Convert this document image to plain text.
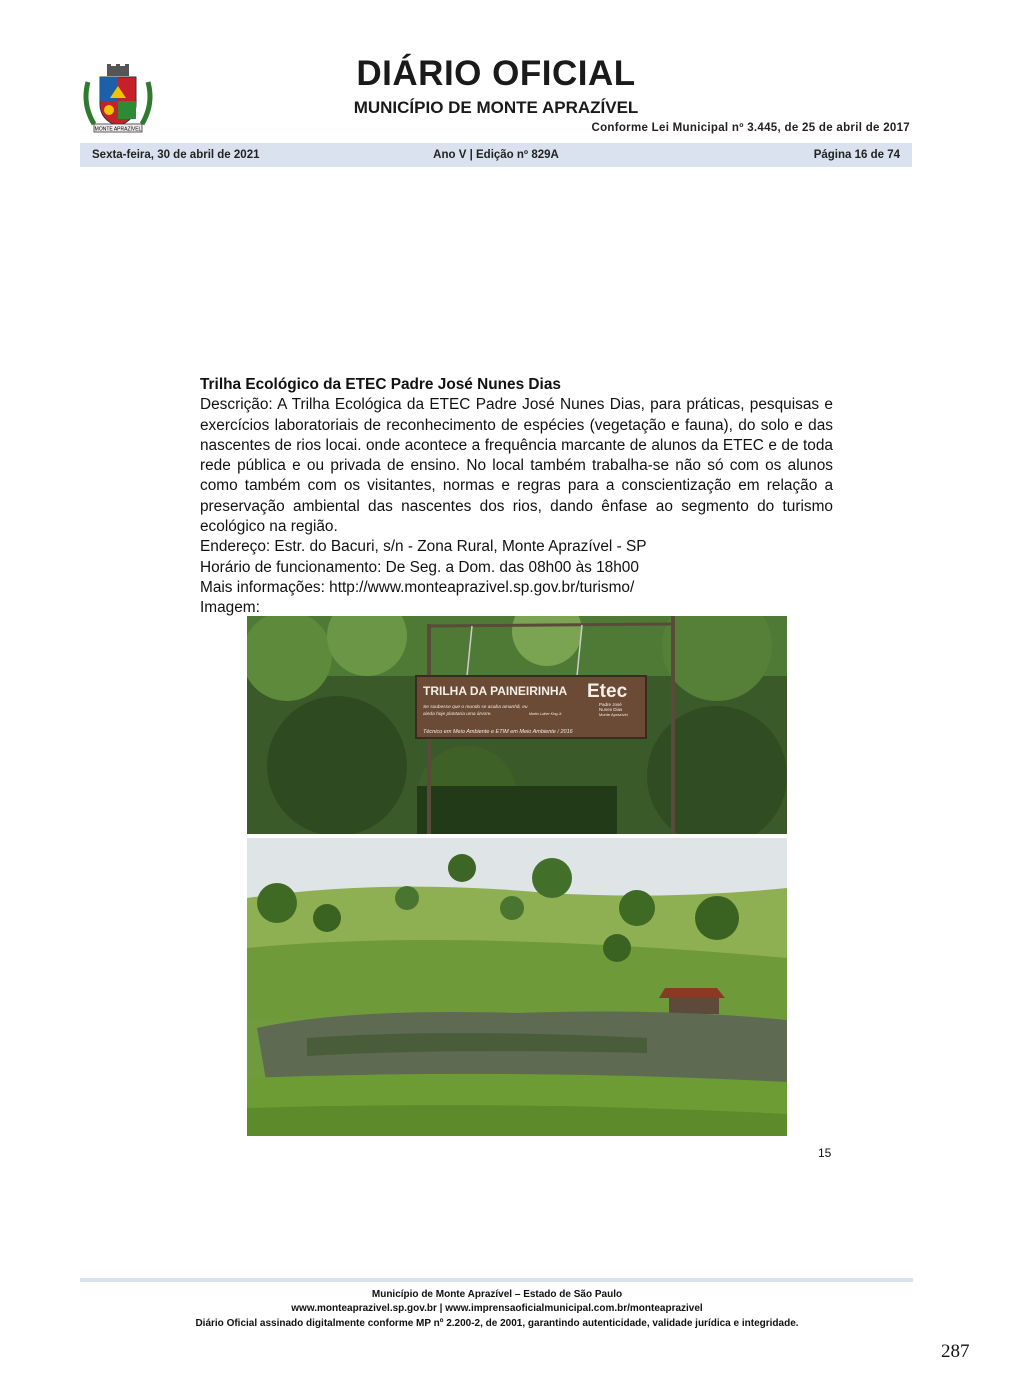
MONTE APRAZÍVEL
DIÁRIO OFICIAL
MUNICÍPIO DE MONTE APRAZÍVEL
Conforme Lei Municipal nº 3.445, de 25 de abril de 2017
Ano V | Edição nº 829A
Sexta-feira, 30 de abril de 2021	Página 16 de 74
Trilha Ecológico da ETEC Padre José Nunes Dias
Descrição: A Trilha Ecológica da ETEC Padre José Nunes Dias, para práticas, pesquisas e exercícios laboratoriais de reconhecimento de espécies (vegetação e fauna), do solo e das nascentes de rios locai. onde acontece a frequência marcante de alunos da ETEC e de toda rede pública e ou privada de ensino. No local também trabalha-se não só com os alunos como também com os visitantes, normas e regras para a conscientização em relação a preservação ambiental das nascentes dos rios, dando ênfase ao segmento do turismo ecológico na região.
Endereço: Estr. do Bacuri, s/n - Zona Rural, Monte Aprazível - SP
Horário de funcionamento: De Seg. a Dom. das 08h00 às 18h00
Mais informações: http://www.monteaprazivel.sp.gov.br/turismo/
Imagem:
TRILHA DA PAINEIRINHA Etec
Padre José
Nunes Dias
Monte Aprazível
Se soubesse que o mundo se acaba amanhã, eu
ainda hoje plantaria uma árvore.	Martin Luther King Jr.
Técnico em Meio Ambiente e ETIM em Meio Ambiente / 2016
15
Município de Monte Aprazível – Estado de São Paulo
www.monteaprazivel.sp.gov.br | www.imprensaoficialmunicipal.com.br/monteaprazivel
Diário Oficial assinado digitalmente conforme MP nº 2.200-2, de 2001, garantindo autenticidade, validade jurídica e integridade.
287
